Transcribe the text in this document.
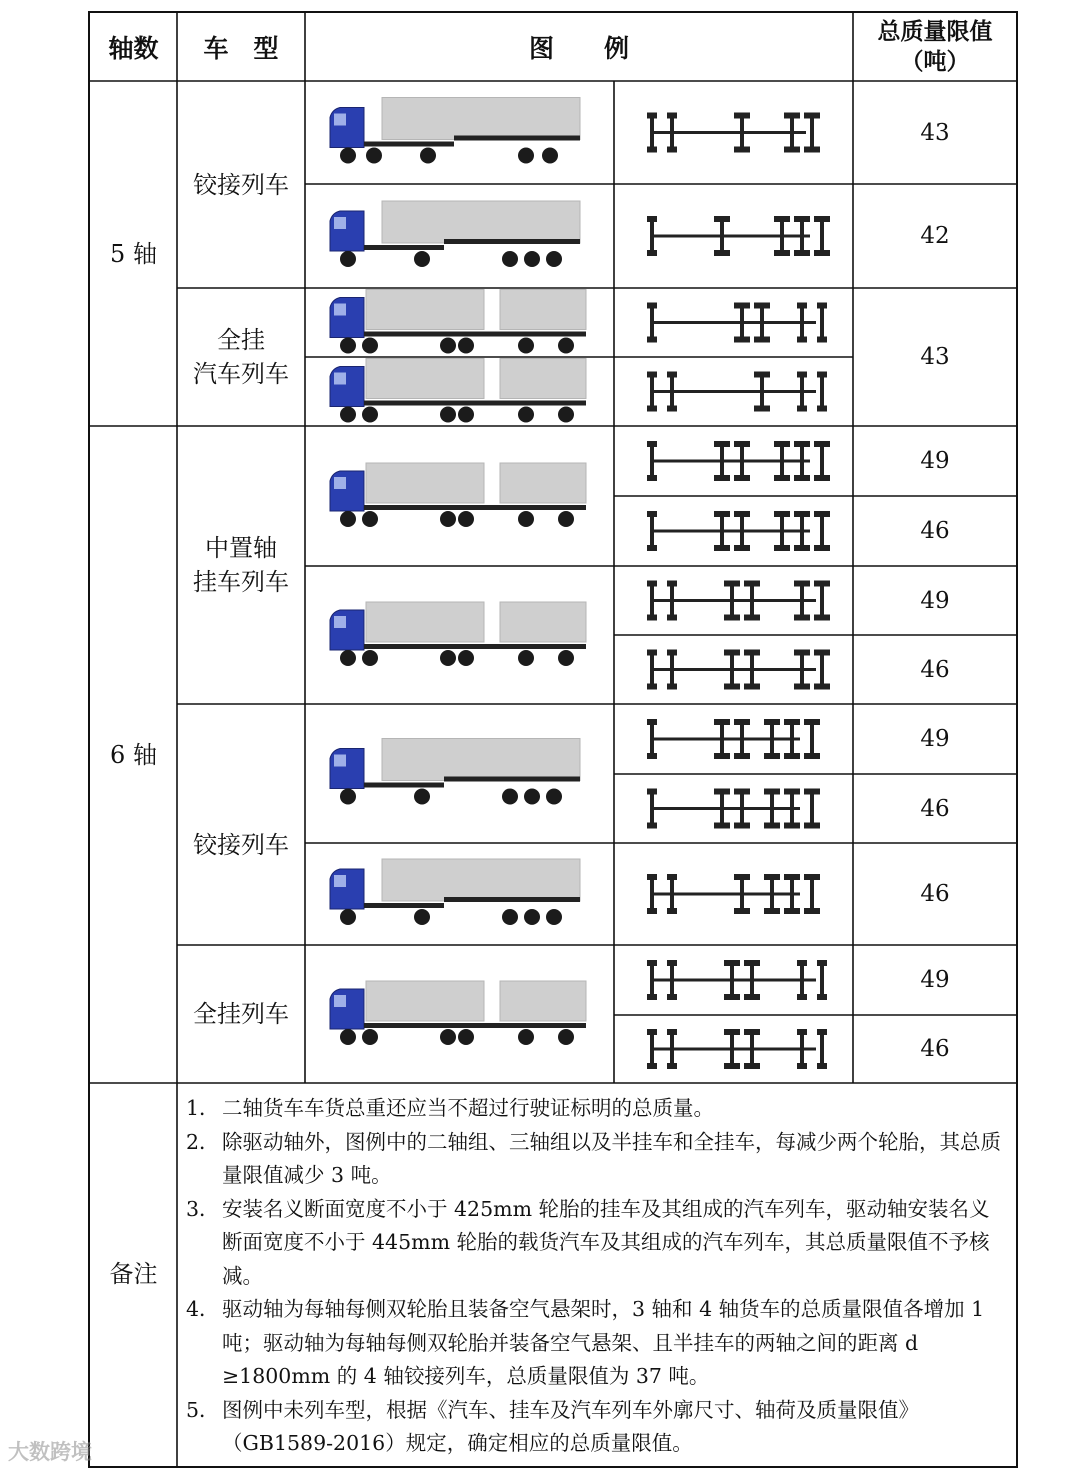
轴数	车　型	图　　例
总质量限值
（吨）
5 轴
6 轴
备注
铰接列车
全挂
汽车列车
中置轴
挂车列车
铰接列车
全挂列车
43
42
43
49
46
49
46
49
46
46
49
46

1． 二轴货车车货总重还应当不超过行驶证标明的总质量。

2． 除驱动轴外，图例中的二轴组、三轴组以及半挂车和全挂车，每减少两个轮胎，其总质量限值减少 3 吨。

3． 安装名义断面宽度不小于 425mm 轮胎的挂车及其组成的汽车列车，驱动轴安装名义断面宽度不小于 445mm 轮胎的载货汽车及其组成的汽车列车，其总质量限值不予核减。

4． 驱动轴为每轴每侧双轮胎且装备空气悬架时，3 轴和 4 轴货车的总质量限值各增加 1 吨；驱动轴为每轴每侧双轮胎并装备空气悬架、且半挂车的两轴之间的距离 d ≥1800mm 的 4 轴铰接列车，总质量限值为 37 吨。

5． 图例中未列车型，根据《汽车、挂车及汽车列车外廓尺寸、轴荷及质量限值》（GB1589-2016）规定，确定相应的总质量限值。

大数跨境
